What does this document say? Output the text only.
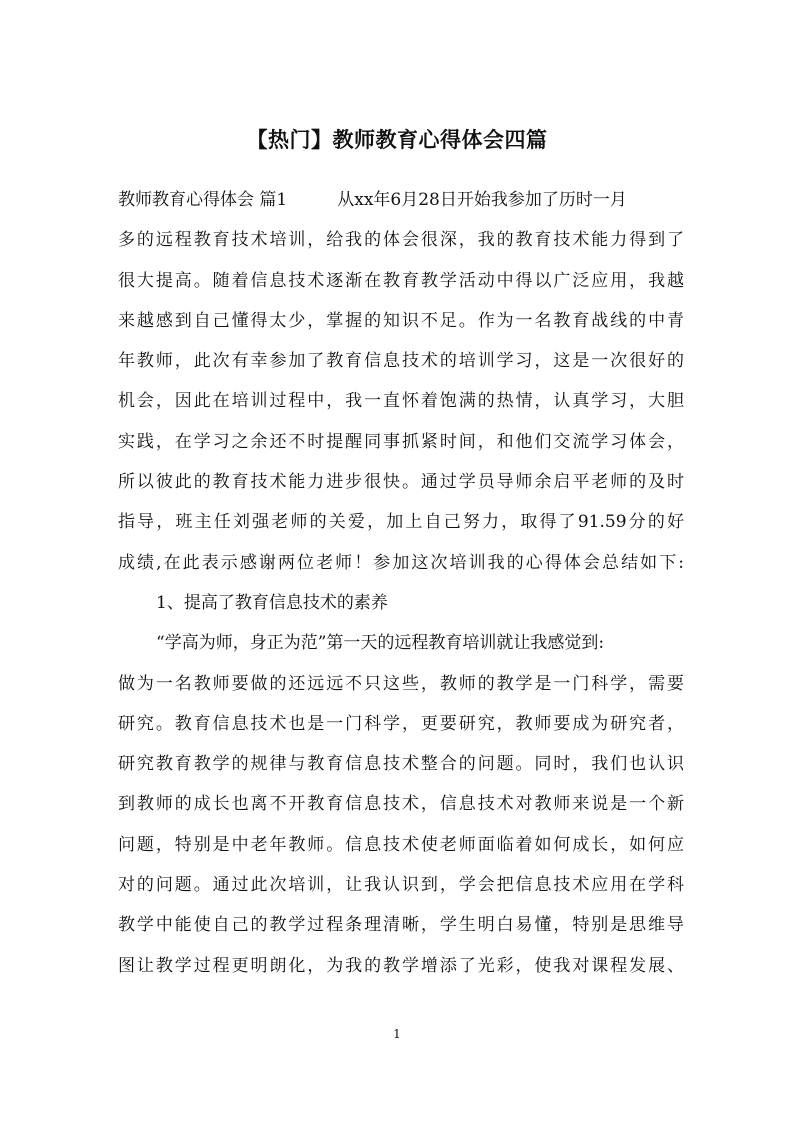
【热门】教师教育心得体会四篇
教师教育心得体会 篇1	从xx年6月28日开始我参加了历时一月
多的远程教育技术培训，给我的体会很深，我的教育技术能力得到了
很大提高。随着信息技术逐渐在教育教学活动中得以广泛应用，我越
来越感到自己懂得太少，掌握的知识不足。作为一名教育战线的中青
年教师，此次有幸参加了教育信息技术的培训学习，这是一次很好的
机会，因此在培训过程中，我一直怀着饱满的热情，认真学习，大胆
实践，在学习之余还不时提醒同事抓紧时间，和他们交流学习体会，
所以彼此的教育技术能力进步很快。通过学员导师余启平老师的及时
指导，班主任刘强老师的关爱，加上自己努力，取得了91.59分的好
成绩,在此表示感谢两位老师！参加这次培训我的心得体会总结如下:
1、提高了教育信息技术的素养
“学高为师，身正为范”第一天的远程教育培训就让我感觉到:
做为一名教师要做的还远远不只这些，教师的教学是一门科学，需要
研究。教育信息技术也是一门科学，更要研究，教师要成为研究者，
研究教育教学的规律与教育信息技术整合的问题。同时，我们也认识
到教师的成长也离不开教育信息技术，信息技术对教师来说是一个新
问题，特别是中老年教师。信息技术使老师面临着如何成长，如何应
对的问题。通过此次培训，让我认识到，学会把信息技术应用在学科
教学中能使自己的教学过程条理清晰，学生明白易懂，特别是思维导
图让教学过程更明朗化，为我的教学增添了光彩，使我对课程发展、
1
